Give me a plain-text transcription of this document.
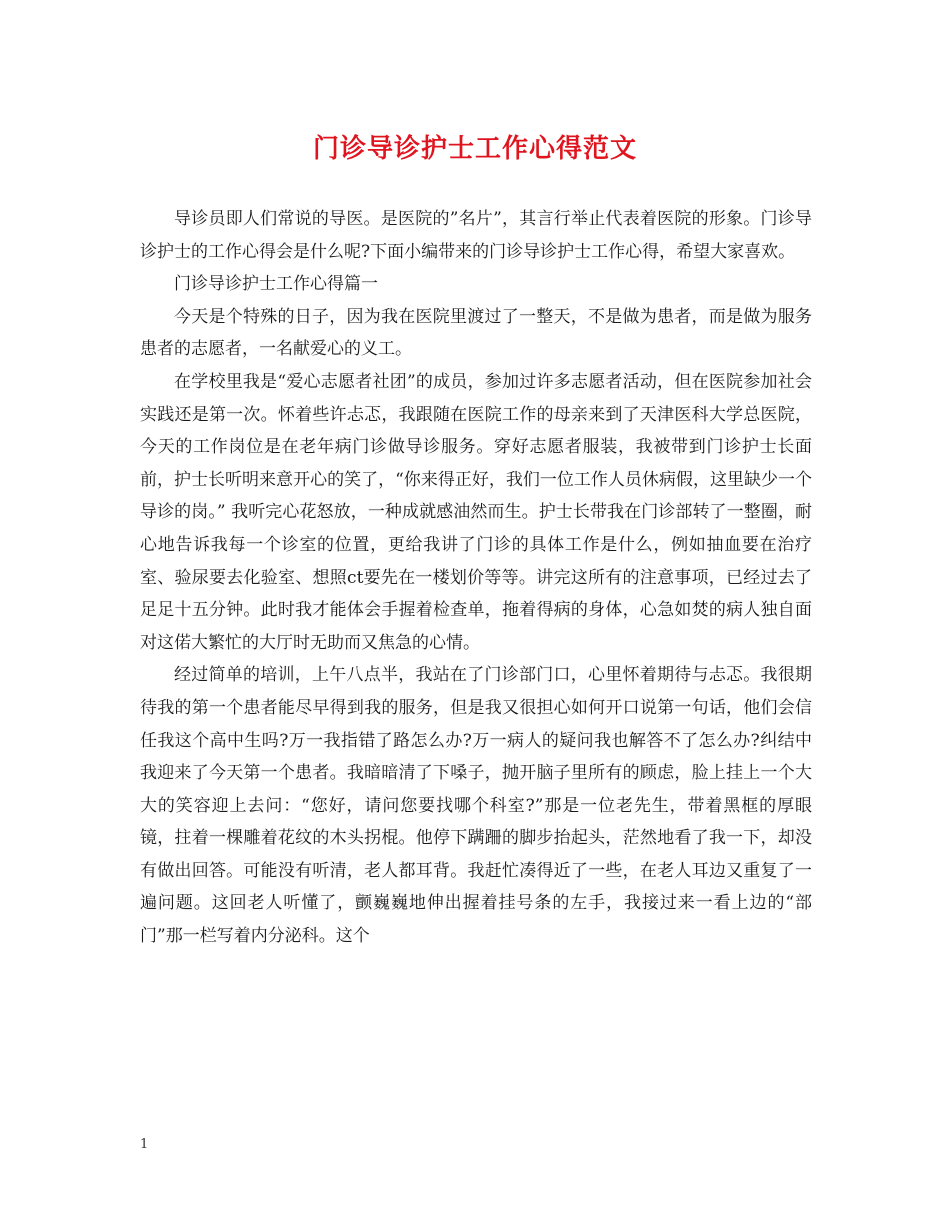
门诊导诊护士工作心得范文

导诊员即人们常说的导医。是医院的”名片”，其言行举止代表着医院的形象。门诊导诊护士的工作心得会是什么呢?下面小编带来的门诊导诊护士工作心得，希望大家喜欢。

门诊导诊护士工作心得篇一

今天是个特殊的日子，因为我在医院里渡过了一整天，不是做为患者，而是做为服务患者的志愿者，一名献爱心的义工。

在学校里我是“爱心志愿者社团”的成员，参加过许多志愿者活动，但在医院参加社会实践还是第一次。怀着些许忐忑，我跟随在医院工作的母亲来到了天津医科大学总医院，今天的工作岗位是在老年病门诊做导诊服务。穿好志愿者服装，我被带到门诊护士长面前，护士长听明来意开心的笑了，“你来得正好，我们一位工作人员休病假，这里缺少一个导诊的岗。” 我听完心花怒放，一种成就感油然而生。护士长带我在门诊部转了一整圈，耐心地告诉我每一个诊室的位置，更给我讲了门诊的具体工作是什么，例如抽血要在治疗室、验尿要去化验室、想照ct要先在一楼划价等等。讲完这所有的注意事项，已经过去了足足十五分钟。此时我才能体会手握着检查单，拖着得病的身体，心急如焚的病人独自面对这偌大繁忙的大厅时无助而又焦急的心情。

经过简单的培训，上午八点半，我站在了门诊部门口，心里怀着期待与忐忑。我很期待我的第一个患者能尽早得到我的服务，但是我又很担心如何开口说第一句话，他们会信任我这个高中生吗?万一我指错了路怎么办?万一病人的疑问我也解答不了怎么办?纠结中我迎来了今天第一个患者。我暗暗清了下嗓子，抛开脑子里所有的顾虑，脸上挂上一个大大的笑容迎上去问：“您好，请问您要找哪个科室?”那是一位老先生，带着黑框的厚眼镜，拄着一棵雕着花纹的木头拐棍。他停下蹒跚的脚步抬起头，茫然地看了我一下，却没有做出回答。可能没有听清，老人都耳背。我赶忙凑得近了一些，在老人耳边又重复了一遍问题。这回老人听懂了，颤巍巍地伸出握着挂号条的左手，我接过来一看上边的“部门”那一栏写着内分泌科。这个

1
